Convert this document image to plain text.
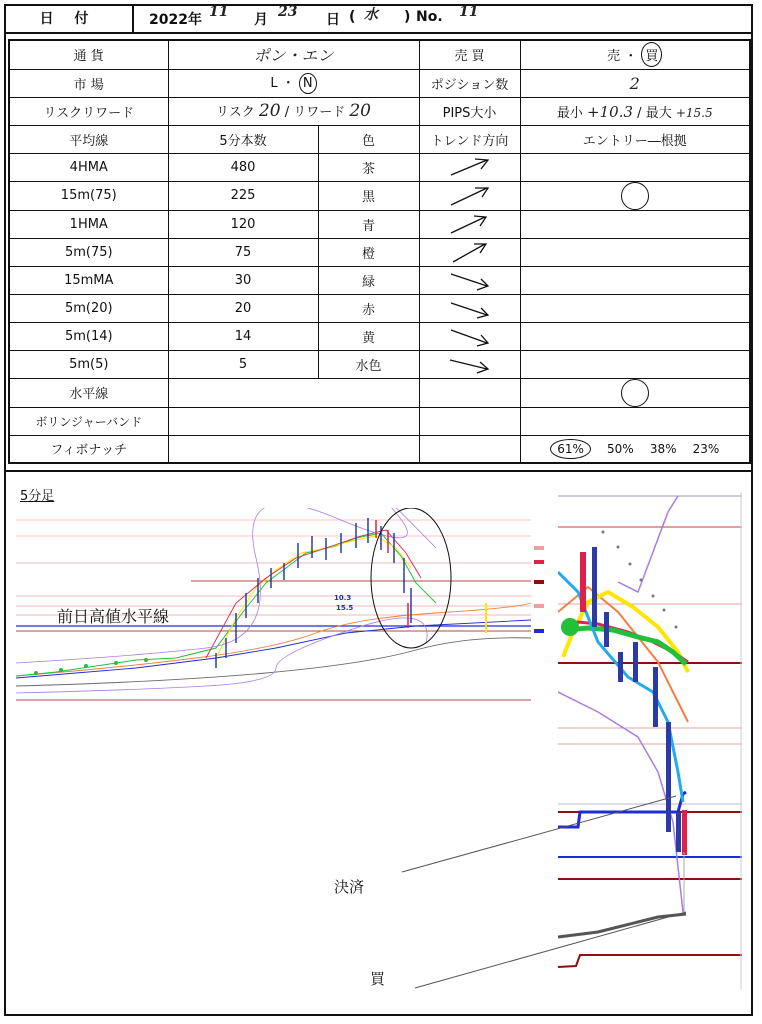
日 付	2022年 11 月 23 日 ( 水 ) No. 11
通 貨	ポン・エン		売 買	売 ・ 買
市 場	L ・ N		ポジション数	2
リスクリワード	リスク 20 / リワード 20		PIPS大小	最小 +10.3 / 最大 +15.5
平均線	5分本数	色	トレンド方向	エントリー―根拠
4HMA	480	茶	

15m(75)	225	黒	

1HMA	120	青	

5m(75)	75	橙	

15mMA	30	緑	

5m(20)	20	赤	

5m(14)	14	黄	

5m(5)	5	水色	

水平線				
ボリンジャーバンド				
フィボナッチ				61% 50% 38% 23%
5分足
10.3
15.5
前日高値水平線
決済
買
